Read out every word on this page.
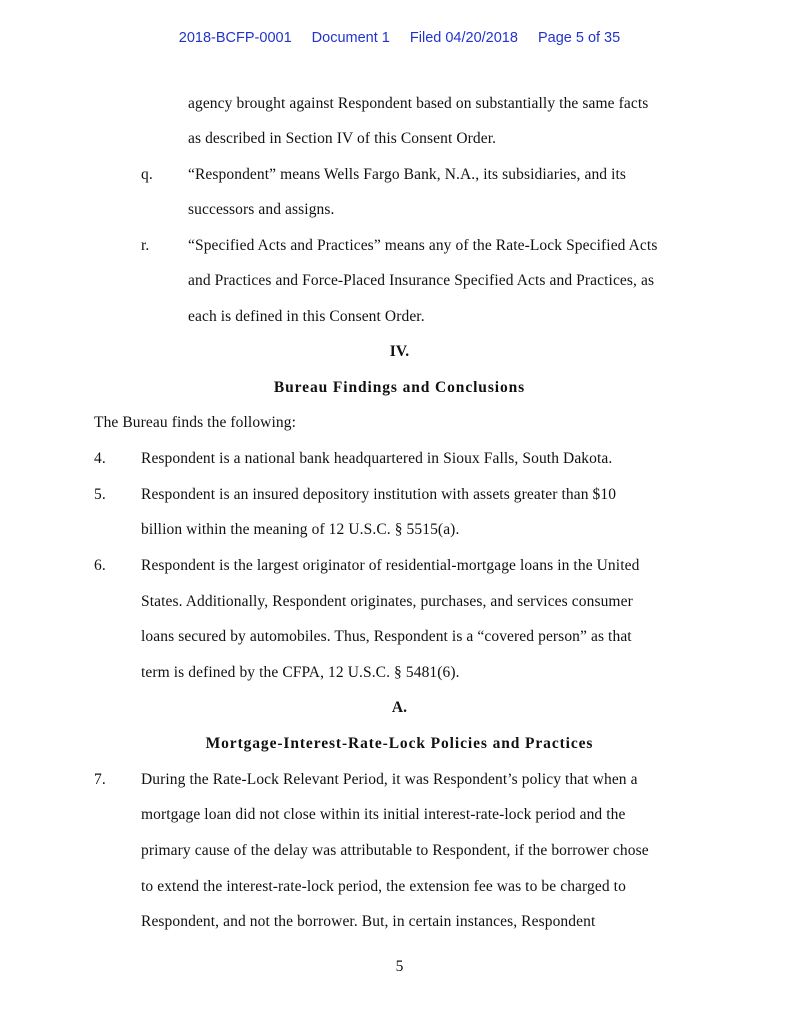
2018-BCFP-0001 Document 1 Filed 04/20/2018 Page 5 of 35
agency brought against Respondent based on substantially the same facts
as described in Section IV of this Consent Order.
q. “Respondent” means Wells Fargo Bank, N.A., its subsidiaries, and its
successors and assigns.
r. “Specified Acts and Practices” means any of the Rate-Lock Specified Acts
and Practices and Force-Placed Insurance Specified Acts and Practices, as
each is defined in this Consent Order.
IV.
Bureau Findings and Conclusions
The Bureau finds the following:
4. Respondent is a national bank headquartered in Sioux Falls, South Dakota.
5. Respondent is an insured depository institution with assets greater than $10
billion within the meaning of 12 U.S.C. § 5515(a).
6. Respondent is the largest originator of residential-mortgage loans in the United
States. Additionally, Respondent originates, purchases, and services consumer
loans secured by automobiles. Thus, Respondent is a “covered person” as that
term is defined by the CFPA, 12 U.S.C. § 5481(6).
A.
Mortgage-Interest-Rate-Lock Policies and Practices
7. During the Rate-Lock Relevant Period, it was Respondent’s policy that when a
mortgage loan did not close within its initial interest-rate-lock period and the
primary cause of the delay was attributable to Respondent, if the borrower chose
to extend the interest-rate-lock period, the extension fee was to be charged to
Respondent, and not the borrower. But, in certain instances, Respondent
5
